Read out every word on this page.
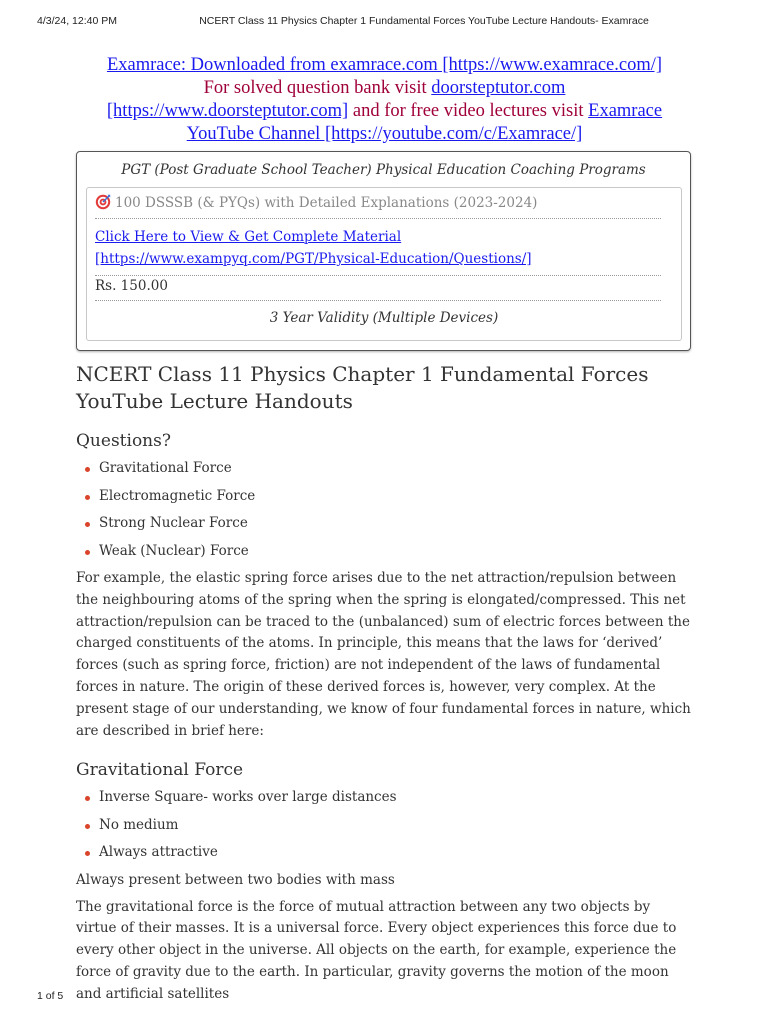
4/3/24, 12:40 PM	NCERT Class 11 Physics Chapter 1 Fundamental Forces YouTube Lecture Handouts- Examrace
Examrace: Downloaded from examrace.com [https://www.examrace.com/]
For solved question bank visit doorsteptutor.com
[https://www.doorsteptutor.com] and for free video lectures visit Examrace
YouTube Channel [https://youtube.com/c/Examrace/]
PGT (Post Graduate School Teacher) Physical Education Coaching Programs
100 DSSSB (& PYQs) with Detailed Explanations (2023-2024)
Click Here to View & Get Complete Material [https://www.exampyq.com/PGT/Physical-Education/Questions/]
Rs. 150.00
3 Year Validity (Multiple Devices)
NCERT Class 11 Physics Chapter 1 Fundamental Forces YouTube Lecture Handouts
Questions?
Gravitational Force
Electromagnetic Force
Strong Nuclear Force
Weak (Nuclear) Force

For example, the elastic spring force arises due to the net attraction/repulsion between the neighbouring atoms of the spring when the spring is elongated/compressed. This net attraction/repulsion can be traced to the (unbalanced) sum of electric forces between the charged constituents of the atoms. In principle, this means that the laws for ‘derived’ forces (such as spring force, friction) are not independent of the laws of fundamental forces in nature. The origin of these derived forces is, however, very complex. At the present stage of our understanding, we know of four fundamental forces in nature, which are described in brief here:

Gravitational Force
Inverse Square- works over large distances
No medium
Always attractive

Always present between two bodies with mass

The gravitational force is the force of mutual attraction between any two objects by virtue of their masses. It is a universal force. Every object experiences this force due to every other object in the universe. All objects on the earth, for example, experience the force of gravity due to the earth. In particular, gravity governs the motion of the moon and artificial satellites

1 of 5
